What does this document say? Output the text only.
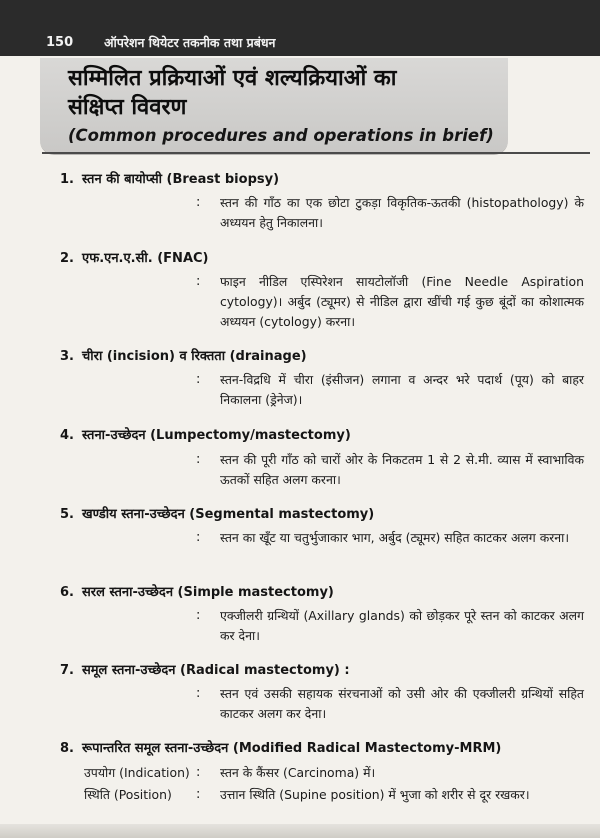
150 ऑपरेशन थियेटर तकनीक तथा प्रबंधन
सम्मिलित प्रक्रियाओं एवं शल्यक्रियाओं का
संक्षिप्त विवरण
(Common procedures and operations in brief)
1. स्तन की बायोप्सी (Breast biopsy)
: स्तन की गाँठ का एक छोटा टुकड़ा विकृतिक-ऊतकी (histopathology) के अध्ययन हेतु निकालना।
2. एफ.एन.ए.सी. (FNAC)
: फाइन नीडिल एस्पिरेशन सायटोलॉजी (Fine Needle Aspiration cytology)। अर्बुद (ट्यूमर) से नीडिल द्वारा खींची गई कुछ बूंदों का कोशात्मक अध्ययन (cytology) करना।
3. चीरा (incision) व रिक्तता (drainage)
: स्तन-विद्रधि में चीरा (इंसीजन) लगाना व अन्दर भरे पदार्थ (पूय) को बाहर निकालना (ड्रेनेज)।
4. स्तना-उच्छेदन (Lumpectomy/mastectomy)
: स्तन की पूरी गाँठ को चारों ओर के निकटतम 1 से 2 से.मी. व्यास में स्वाभाविक ऊतकों सहित अलग करना।
5. खण्डीय स्तना-उच्छेदन (Segmental mastectomy)
: स्तन का खूँट या चतुर्भुजाकार भाग, अर्बुद (ट्यूमर) सहित काटकर अलग करना।
6. सरल स्तना-उच्छेदन (Simple mastectomy)
: एक्जीलरी ग्रन्थियों (Axillary glands) को छोड़कर पूरे स्तन को काटकर अलग कर देना।
7. समूल स्तना-उच्छेदन (Radical mastectomy) :
: स्तन एवं उसकी सहायक संरचनाओं को उसी ओर की एक्जीलरी ग्रन्थियों सहित काटकर अलग कर देना।
8. रूपान्तरित समूल स्तना-उच्छेदन (Modified Radical Mastectomy-MRM)
उपयोग (Indication) : स्तन के कैंसर (Carcinoma) में।
स्थिति (Position) : उत्तान स्थिति (Supine position) में भुजा को शरीर से दूर रखकर।
